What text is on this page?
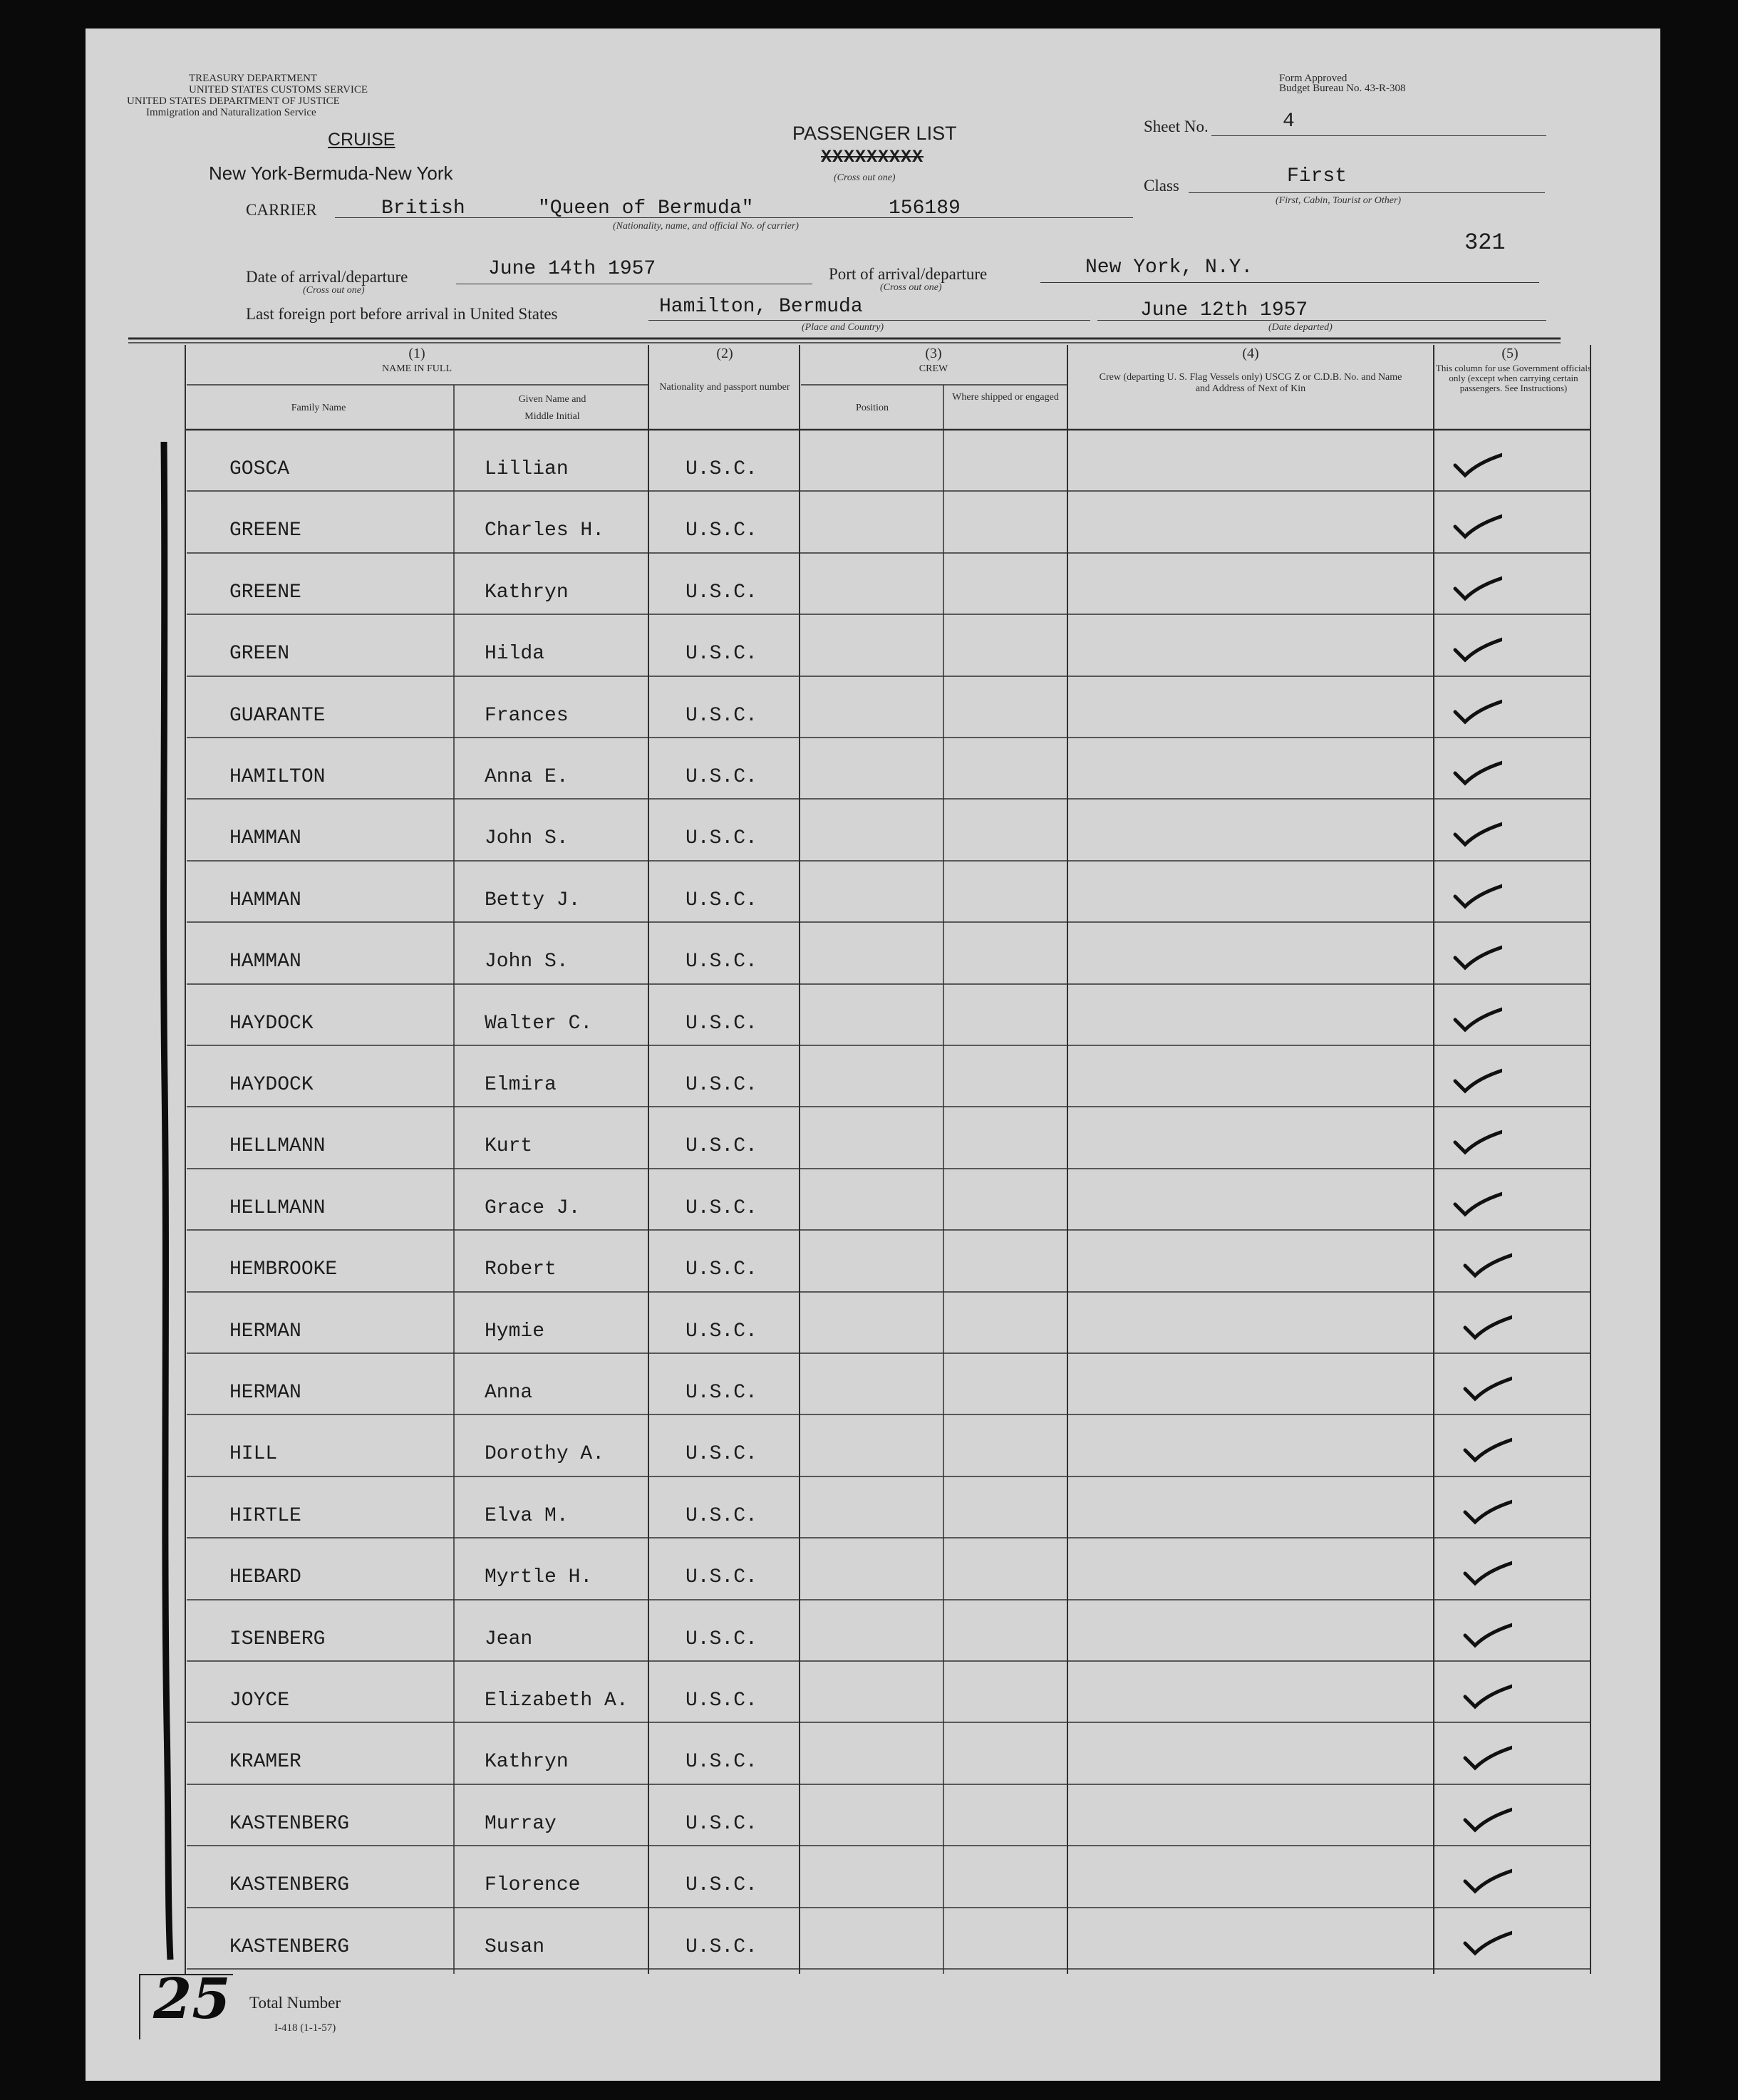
TREASURY DEPARTMENT
UNITED STATES CUSTOMS SERVICE
UNITED STATES DEPARTMENT OF JUSTICE
Immigration and Naturalization Service
CRUISE
New York-Bermuda-New York
PASSENGER LIST
XXXXXXXXX
(Cross out one)
Form Approved
Budget Bureau No. 43-R-308
Sheet No.	4
Class	First
(First, Cabin, Tourist or Other)
321
CARRIER	British	"Queen of Bermuda"	156189
(Nationality, name, and official No. of carrier)
Date of arrival/departure
(Cross out one)
June 14th 1957	Port of arrival/departure
(Cross out one)
New York, N.Y.
Last foreign port before arrival in United States	Hamilton, Bermuda
(Place and Country)
June 12th 1957
(Date departed)
(1)
NAME IN FULL
Family Name
Given Name and
Middle Initial
(2)
Nationality and passport number
(3)
CREW
Position
Where shipped or engaged
(4)
Crew (departing U. S. Flag Vessels only) USCG Z or C.D.B. No. and Name and Address of Next of Kin
(5)
This column for use Government officials only (except when carrying certain passengers. See Instructions)
GOSCA	Lillian	U.S.C.
GREENE	Charles H.	U.S.C.
GREENE	Kathryn	U.S.C.
GREEN	Hilda	U.S.C.
GUARANTE	Frances	U.S.C.
HAMILTON	Anna E.	U.S.C.
HAMMAN	John S.	U.S.C.
HAMMAN	Betty J.	U.S.C.
HAMMAN	John S.	U.S.C.
HAYDOCK	Walter C.	U.S.C.
HAYDOCK	Elmira	U.S.C.
HELLMANN	Kurt	U.S.C.
HELLMANN	Grace J.	U.S.C.
HEMBROOKE	Robert	U.S.C.
HERMAN	Hymie	U.S.C.
HERMAN	Anna	U.S.C.
HILL	Dorothy A.	U.S.C.
HIRTLE	Elva M.	U.S.C.
HEBARD	Myrtle H.	U.S.C.
ISENBERG	Jean	U.S.C.
JOYCE	Elizabeth A.	U.S.C.
KRAMER	Kathryn	U.S.C.
KASTENBERG	Murray	U.S.C.
KASTENBERG	Florence	U.S.C.
KASTENBERG	Susan	U.S.C.
25 Total Number
I-418 (1-1-57)
